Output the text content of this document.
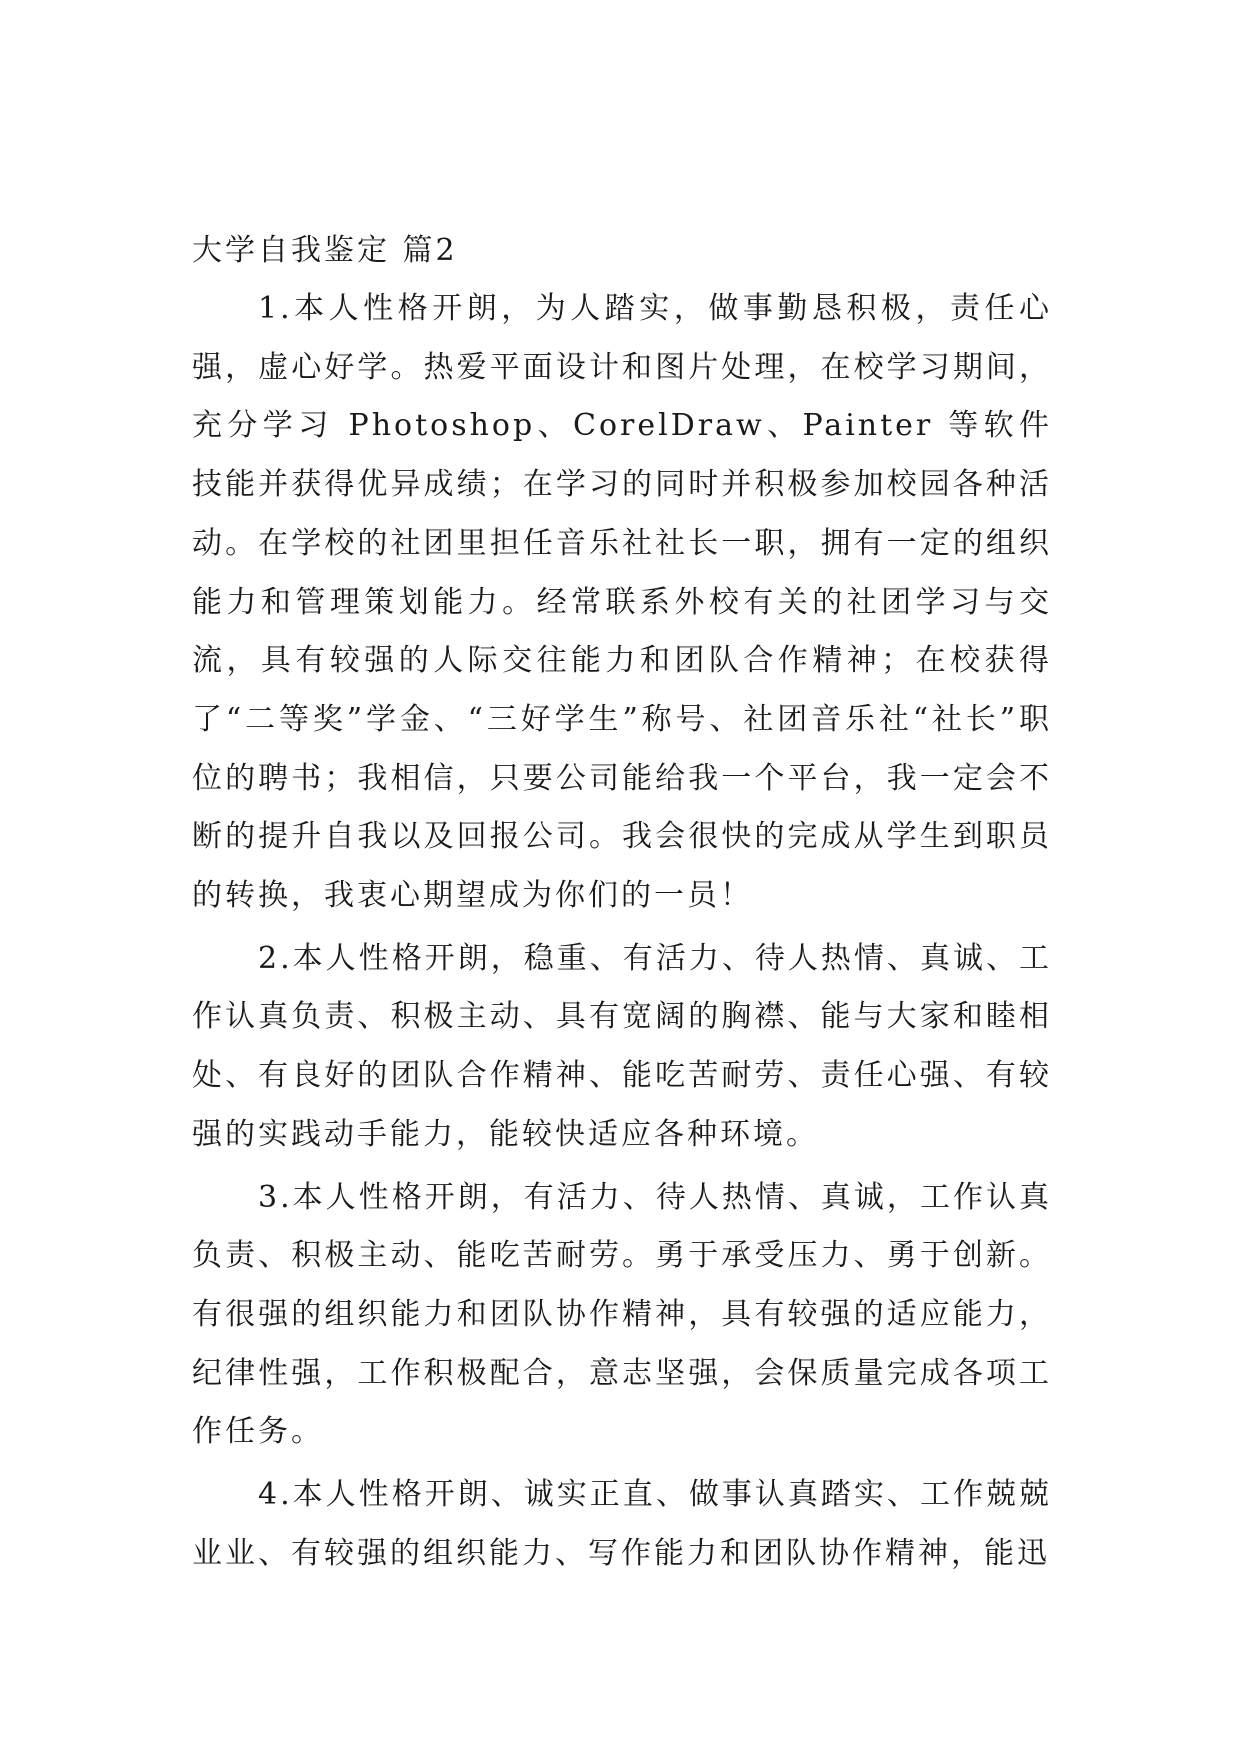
大学自我鉴定 篇2

1.本人性格开朗，为人踏实，做事勤恳积极，责任心强，虚心好学。热爱平面设计和图片处理，在校学习期间，充分学习 Photoshop、CorelDraw、Painter 等软件技能并获得优异成绩；在学习的同时并积极参加校园各种活动。在学校的社团里担任音乐社社长一职，拥有一定的组织能力和管理策划能力。经常联系外校有关的社团学习与交流，具有较强的人际交往能力和团队合作精神；在校获得了“二等奖”学金、“三好学生”称号、社团音乐社“社长”职位的聘书；我相信，只要公司能给我一个平台，我一定会不断的提升自我以及回报公司。我会很快的完成从学生到职员的转换，我衷心期望成为你们的一员！

2.本人性格开朗，稳重、有活力、待人热情、真诚、工作认真负责、积极主动、具有宽阔的胸襟、能与大家和睦相处、有良好的团队合作精神、能吃苦耐劳、责任心强、有较强的实践动手能力，能较快适应各种环境。

3.本人性格开朗，有活力、待人热情、真诚，工作认真负责、积极主动、能吃苦耐劳。勇于承受压力、勇于创新。有很强的组织能力和团队协作精神，具有较强的适应能力，纪律性强，工作积极配合，意志坚强，会保质量完成各项工作任务。

4.本人性格开朗、诚实正直、做事认真踏实、工作兢兢业业、有较强的组织能力、写作能力和团队协作精神，能迅
